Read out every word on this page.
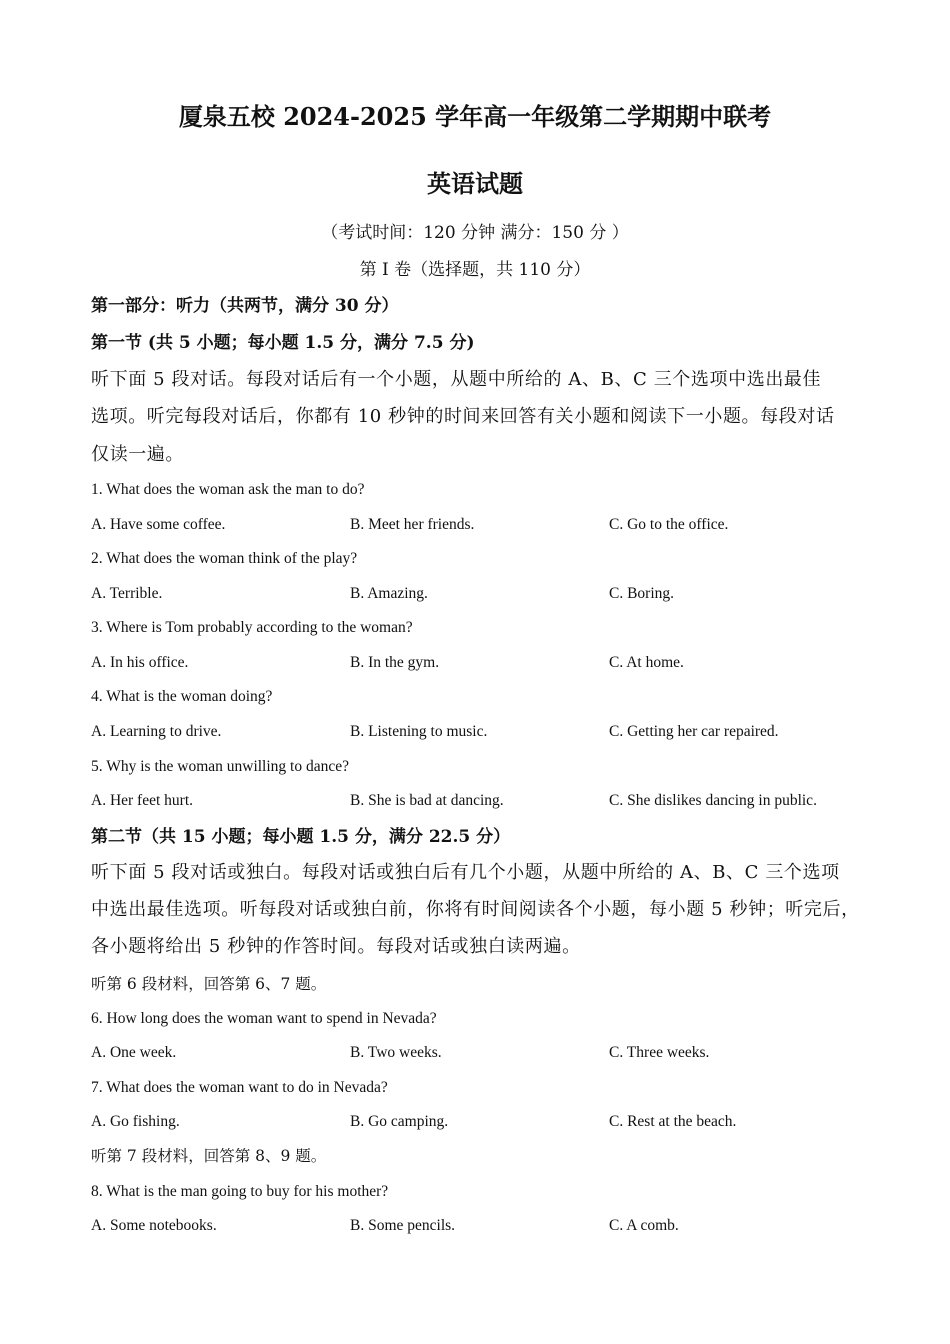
厦泉五校 2024-2025 学年高一年级第二学期期中联考
英语试题
（考试时间：120 分钟 满分：150 分 ）
第 I 卷（选择题，共 110 分）
第一部分：听力（共两节，满分 30 分）
第一节 (共 5 小题；每小题 1.5 分，满分 7.5 分)
听下面 5 段对话。每段对话后有一个小题，从题中所给的 A、B、C 三个选项中选出最佳
选项。听完每段对话后，你都有 10 秒钟的时间来回答有关小题和阅读下一小题。每段对话
仅读一遍。
1. What does the woman ask the man to do?
A. Have some coffee.	B. Meet her friends.	C. Go to the office.
2. What does the woman think of the play?
A. Terrible.	B. Amazing.	C. Boring.
3. Where is Tom probably according to the woman?
A. In his office.	B. In the gym.	C. At home.
4. What is the woman doing?
A. Learning to drive.	B. Listening to music.	C. Getting her car repaired.
5. Why is the woman unwilling to dance?
A. Her feet hurt.	B. She is bad at dancing.	C. She dislikes dancing in public.
第二节（共 15 小题；每小题 1.5 分，满分 22.5 分）
听下面 5 段对话或独白。每段对话或独白后有几个小题，从题中所给的 A、B、C 三个选项
中选出最佳选项。听每段对话或独白前，你将有时间阅读各个小题，每小题 5 秒钟；听完后，
各小题将给出 5 秒钟的作答时间。每段对话或独白读两遍。
听第 6 段材料，回答第 6、7 题。
6. How long does the woman want to spend in Nevada?
A. One week.	B. Two weeks.	C. Three weeks.
7. What does the woman want to do in Nevada?
A. Go fishing.	B. Go camping.	C. Rest at the beach.
听第 7 段材料，回答第 8、9 题。
8. What is the man going to buy for his mother?
A. Some notebooks.	B. Some pencils.	C. A comb.
